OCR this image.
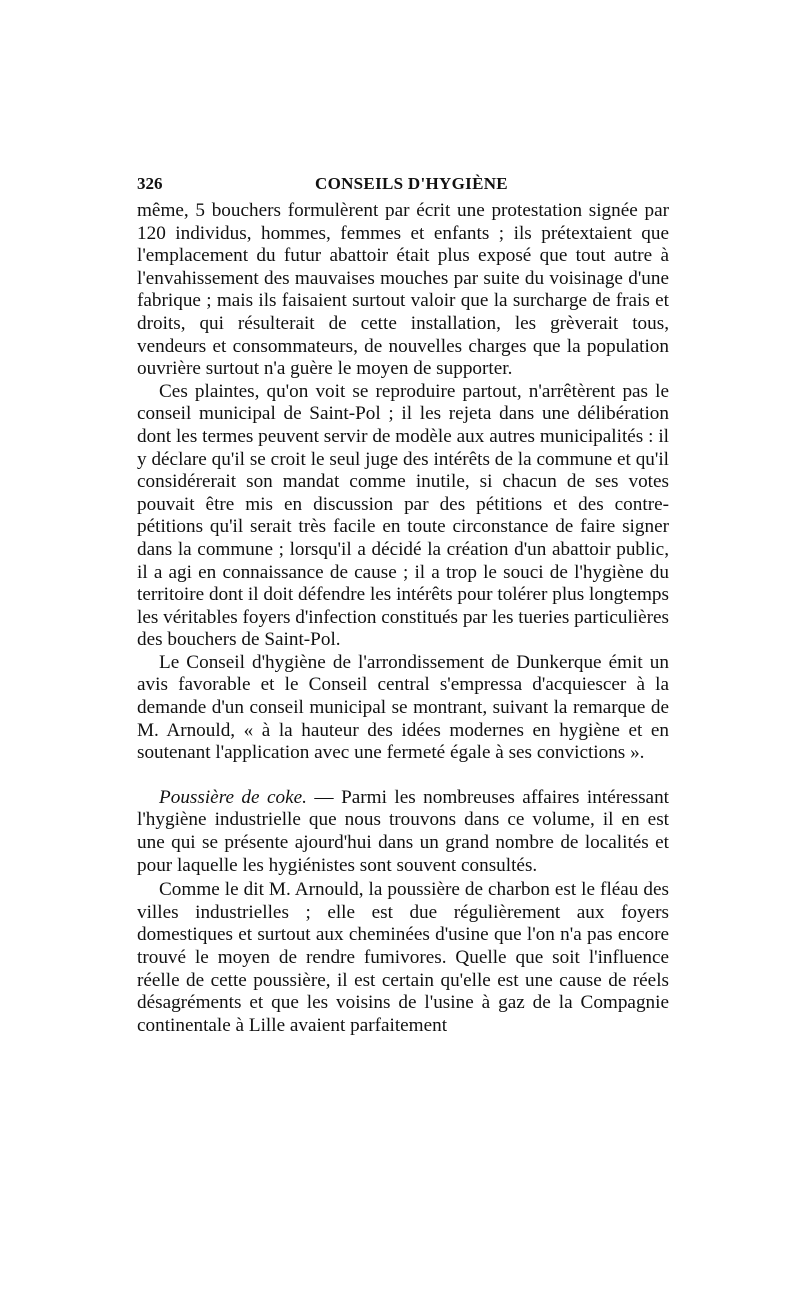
326	CONSEILS D'HYGIÈNE

même, 5 bouchers formulèrent par écrit une protestation signée par 120 individus, hommes, femmes et enfants ; ils prétextaient que l'emplacement du futur abattoir était plus exposé que tout autre à l'envahissement des mauvaises mouches par suite du voisinage d'une fabrique ; mais ils faisaient surtout valoir que la surcharge de frais et droits, qui résulterait de cette installation, les grèverait tous, vendeurs et consommateurs, de nouvelles charges que la population ouvrière surtout n'a guère le moyen de supporter.

Ces plaintes, qu'on voit se reproduire partout, n'arrêtèrent pas le conseil municipal de Saint-Pol ; il les rejeta dans une délibération dont les termes peuvent servir de modèle aux autres municipalités : il y déclare qu'il se croit le seul juge des intérêts de la commune et qu'il considérerait son mandat comme inutile, si chacun de ses votes pouvait être mis en discussion par des pétitions et des contre-pétitions qu'il serait très facile en toute circonstance de faire signer dans la commune ; lorsqu'il a décidé la création d'un abattoir public, il a agi en connaissance de cause ; il a trop le souci de l'hygiène du territoire dont il doit défendre les intérêts pour tolérer plus longtemps les véritables foyers d'infection constitués par les tueries particulières des bouchers de Saint-Pol.

Le Conseil d'hygiène de l'arrondissement de Dunkerque émit un avis favorable et le Conseil central s'empressa d'acquiescer à la demande d'un conseil municipal se montrant, suivant la remarque de M. Arnould, « à la hauteur des idées modernes en hygiène et en soutenant l'application avec une fermeté égale à ses convictions ».

Poussière de coke. — Parmi les nombreuses affaires intéressant l'hygiène industrielle que nous trouvons dans ce volume, il en est une qui se présente ajourd'hui dans un grand nombre de localités et pour laquelle les hygiénistes sont souvent consultés.

Comme le dit M. Arnould, la poussière de charbon est le fléau des villes industrielles ; elle est due régulièrement aux foyers domestiques et surtout aux cheminées d'usine que l'on n'a pas encore trouvé le moyen de rendre fumivores. Quelle que soit l'influence réelle de cette poussière, il est certain qu'elle est une cause de réels désagréments et que les voisins de l'usine à gaz de la Compagnie continentale à Lille avaient parfaitement
